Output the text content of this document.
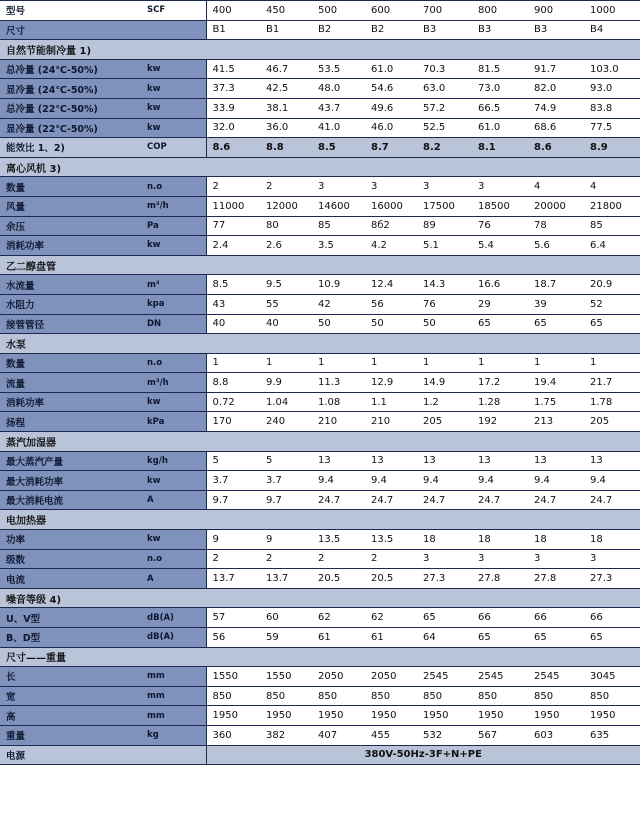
型号	SCF	400	450	500	600	700	800	900	1000
尺寸		B1	B1	B2	B2	B3	B3	B3	B4
自然节能制冷量 1)									
总冷量 (24℃-50%)	kw	41.5	46.7	53.5	61.0	70.3	81.5	91.7	103.0
显冷量 (24℃-50%)	kw	37.3	42.5	48.0	54.6	63.0	73.0	82.0	93.0
总冷量 (22℃-50%)	kw	33.9	38.1	43.7	49.6	57.2	66.5	74.9	83.8
显冷量 (22℃-50%)	kw	32.0	36.0	41.0	46.0	52.5	61.0	68.6	77.5
能效比 1、2)	COP	8.6	8.8	8.5	8.7	8.2	8.1	8.6	8.9
离心风机 3)									
数量	n.o	2	2	3	3	3	3	4	4
风量	m³/h	11000	12000	14600	16000	17500	18500	20000	21800
余压	Pa	77	80	85	8б2	89	76	78	85
消耗功率	kw	2.4	2.6	3.5	4.2	5.1	5.4	5.6	6.4
乙二醇盘管									
水流量	m³	8.5	9.5	10.9	12.4	14.3	16.6	18.7	20.9
水阻力	kpa	43	55	42	56	76	29	39	52
接管管径	DN	40	40	50	50	50	65	65	65
水泵									
数量	n.o	1	1	1	1	1	1	1	1
流量	m³/h	8.8	9.9	11.3	12.9	14.9	17.2	19.4	21.7
消耗功率	kw	0.72	1.04	1.08	1.1	1.2	1.28	1.75	1.78
扬程	kPa	170	240	210	210	205	192	213	205
蒸汽加湿器									
最大蒸汽产量	kg/h	5	5	13	13	13	13	13	13
最大消耗功率	kw	3.7	3.7	9.4	9.4	9.4	9.4	9.4	9.4
最大消耗电流	A	9.7	9.7	24.7	24.7	24.7	24.7	24.7	24.7
电加热器									
功率	kw	9	9	13.5	13.5	18	18	18	18
级数	n.o	2	2	2	2	3	3	3	3
电流	A	13.7	13.7	20.5	20.5	27.3	27.8	27.8	27.3
噪音等级 4)									
U、V型	dB(A)	57	60	62	62	65	66	66	66
B、D型	dB(A)	56	59	61	61	64	65	65	65
尺寸——重量									
长	mm	1550	1550	2050	2050	2545	2545	2545	3045
宽	mm	850	850	850	850	850	850	850	850
高	mm	1950	1950	1950	1950	1950	1950	1950	1950
重量	kg	360	382	407	455	532	567	603	635
电源		380V-50Hz-3F+N+PE							
